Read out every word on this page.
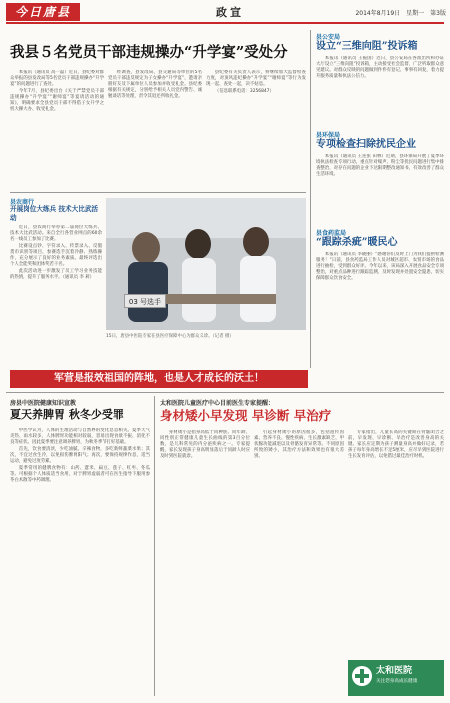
今日唐县	政宣	2014年8月19日　星期一　第3版
我县５名党员干部违规操办“升学宴”受处分

本报讯（通讯员 高一磊）近日，县纪委对群众举报的县发改局等5名党员干部违规操办“升学宴”的问题进行了查处。

今年7月，县纪委出台《关于严禁党员干部违规操办“升学宴”“谢师宴”等宴请活动的通知》，明确要求全县党员干部不得借子女升学之机大操大办、收受礼金。

经调查，县发改局、县交通局等单位的5名党员干部违反规定为子女操办“升学宴”，邀请亲朋好友及下属单位人员参加并收受礼金。县纪委根据有关规定，分别给予相关人员党内警告、诚勉谈话等处理，责令其退还所收礼金。

县纪委有关负责人表示，将继续加大监督检查力度，对顶风违纪操办“升学宴”“谢师宴”等行为发现一起、查处一起，决不姑息。

（信息联系电话：3256847）

县农商行
开展岗位大练兵 技术大比武活动

近日，县农商行举办第二届岗位大练兵、技术大比武活动。来自全行各营业网点的60余名一线员工参加了比赛。

比赛设点钞、字符录入、传票录入、反假货币识别等项目，参赛选手沉着冷静、熟练操作，充分展示了良好的业务素质。最终评选出个人全能奖和团体奖若干名。

此次活动进一步激发了员工学习业务技能的热情，提升了服务水平。（通讯员 李 莉）

03 号选手
15日，唐县中医院专家在县医疗保障中心为群众义诊。（记者 摄）
县公安局
设立“三维向阻”投诉箱

本报讯（通讯员 王振国）近日，县公安局在各派出所和办证大厅设立“三维向阻”投诉箱，主动接受社会监督，广泛听取群众意见建议。对群众反映的问题做到件件有登记、事事有回复，着力提升服务质量和执法公信力。

县环保局
专项检查扫除扰民企业

本报讯（通讯员 王连张 田林）近期，县环保局开展了夏季环境执法检查专项行动，重点针对噪声、粉尘等扰民问题进行集中排查整治，对存在问题的企业下达限期整改通知书，有效改善了群众生活环境。

县食药监局
“跟踪杀疵”暖民心

本报讯（通讯员 李晓丽）“感谢你们及时上门为我们提供检测服务！”日前，县食药监局工作人员对城区超市、农贸市场的食品进行抽检，受到群众好评。今年以来，该局深入开展食品安全专项整治，对重点品种进行跟踪监测，及时发现并处置安全隐患，切实保障群众饮食安全。

军营是报效祖国的阵地，也是人才成长的沃土！
房县中医院健康知识宣教
夏天养脾胃 秋冬少受罪

中医学认为，人体的生理活动与自然界的变化息息相关。夏季天气炎热、雨水较多，人体脾胃功能相对较弱，容易出现食欲不振、消化不良等症状。因此夏季要注意调养脾胃，为秋冬季节打好基础。

首先，饮食要清淡，少吃油腻、辛辣食物，多吃新鲜蔬菜水果；其次，不宜过食生冷，以免损伤脾胃阳气；再次，要保持规律作息，适当运动，避免过度劳累。

夏季常用的健脾食物有：山药、薏米、扁豆、莲子、红枣、冬瓜等。可根据个人体质适当食用，对于脾胃虚弱者可在医生指导下服用参苓白术散等中药调理。

太和医院儿童医疗中心目前医生专家提醒：
身材矮小早发现 早诊断 早治疗

身材矮小是指身高低于同种族、同年龄、同性别正常健康儿童生长曲线的第3百分位数，是儿科常见的内分泌疾病之一。专家提醒，家长发现孩子身高明显落后于同龄人时应及时到医院就诊。

引起身材矮小的原因很多，包括遗传因素、营养不良、慢性疾病、生长激素缺乏、甲状腺功能减退以及骨骼发育异常等。不同原因所致的矮小，其治疗方法和效果也有很大差别。

专家指出，儿童长高的关键期在骨骺闭合之前，早发现、早诊断、早治疗是改善身高的关键。家长应定期为孩子测量身高并做好记录，若孩子每年身高增长不足5厘米，应尽早到医院进行生长发育评估，以免错过最佳治疗时机。

太和医院
关注您身高成长健康
